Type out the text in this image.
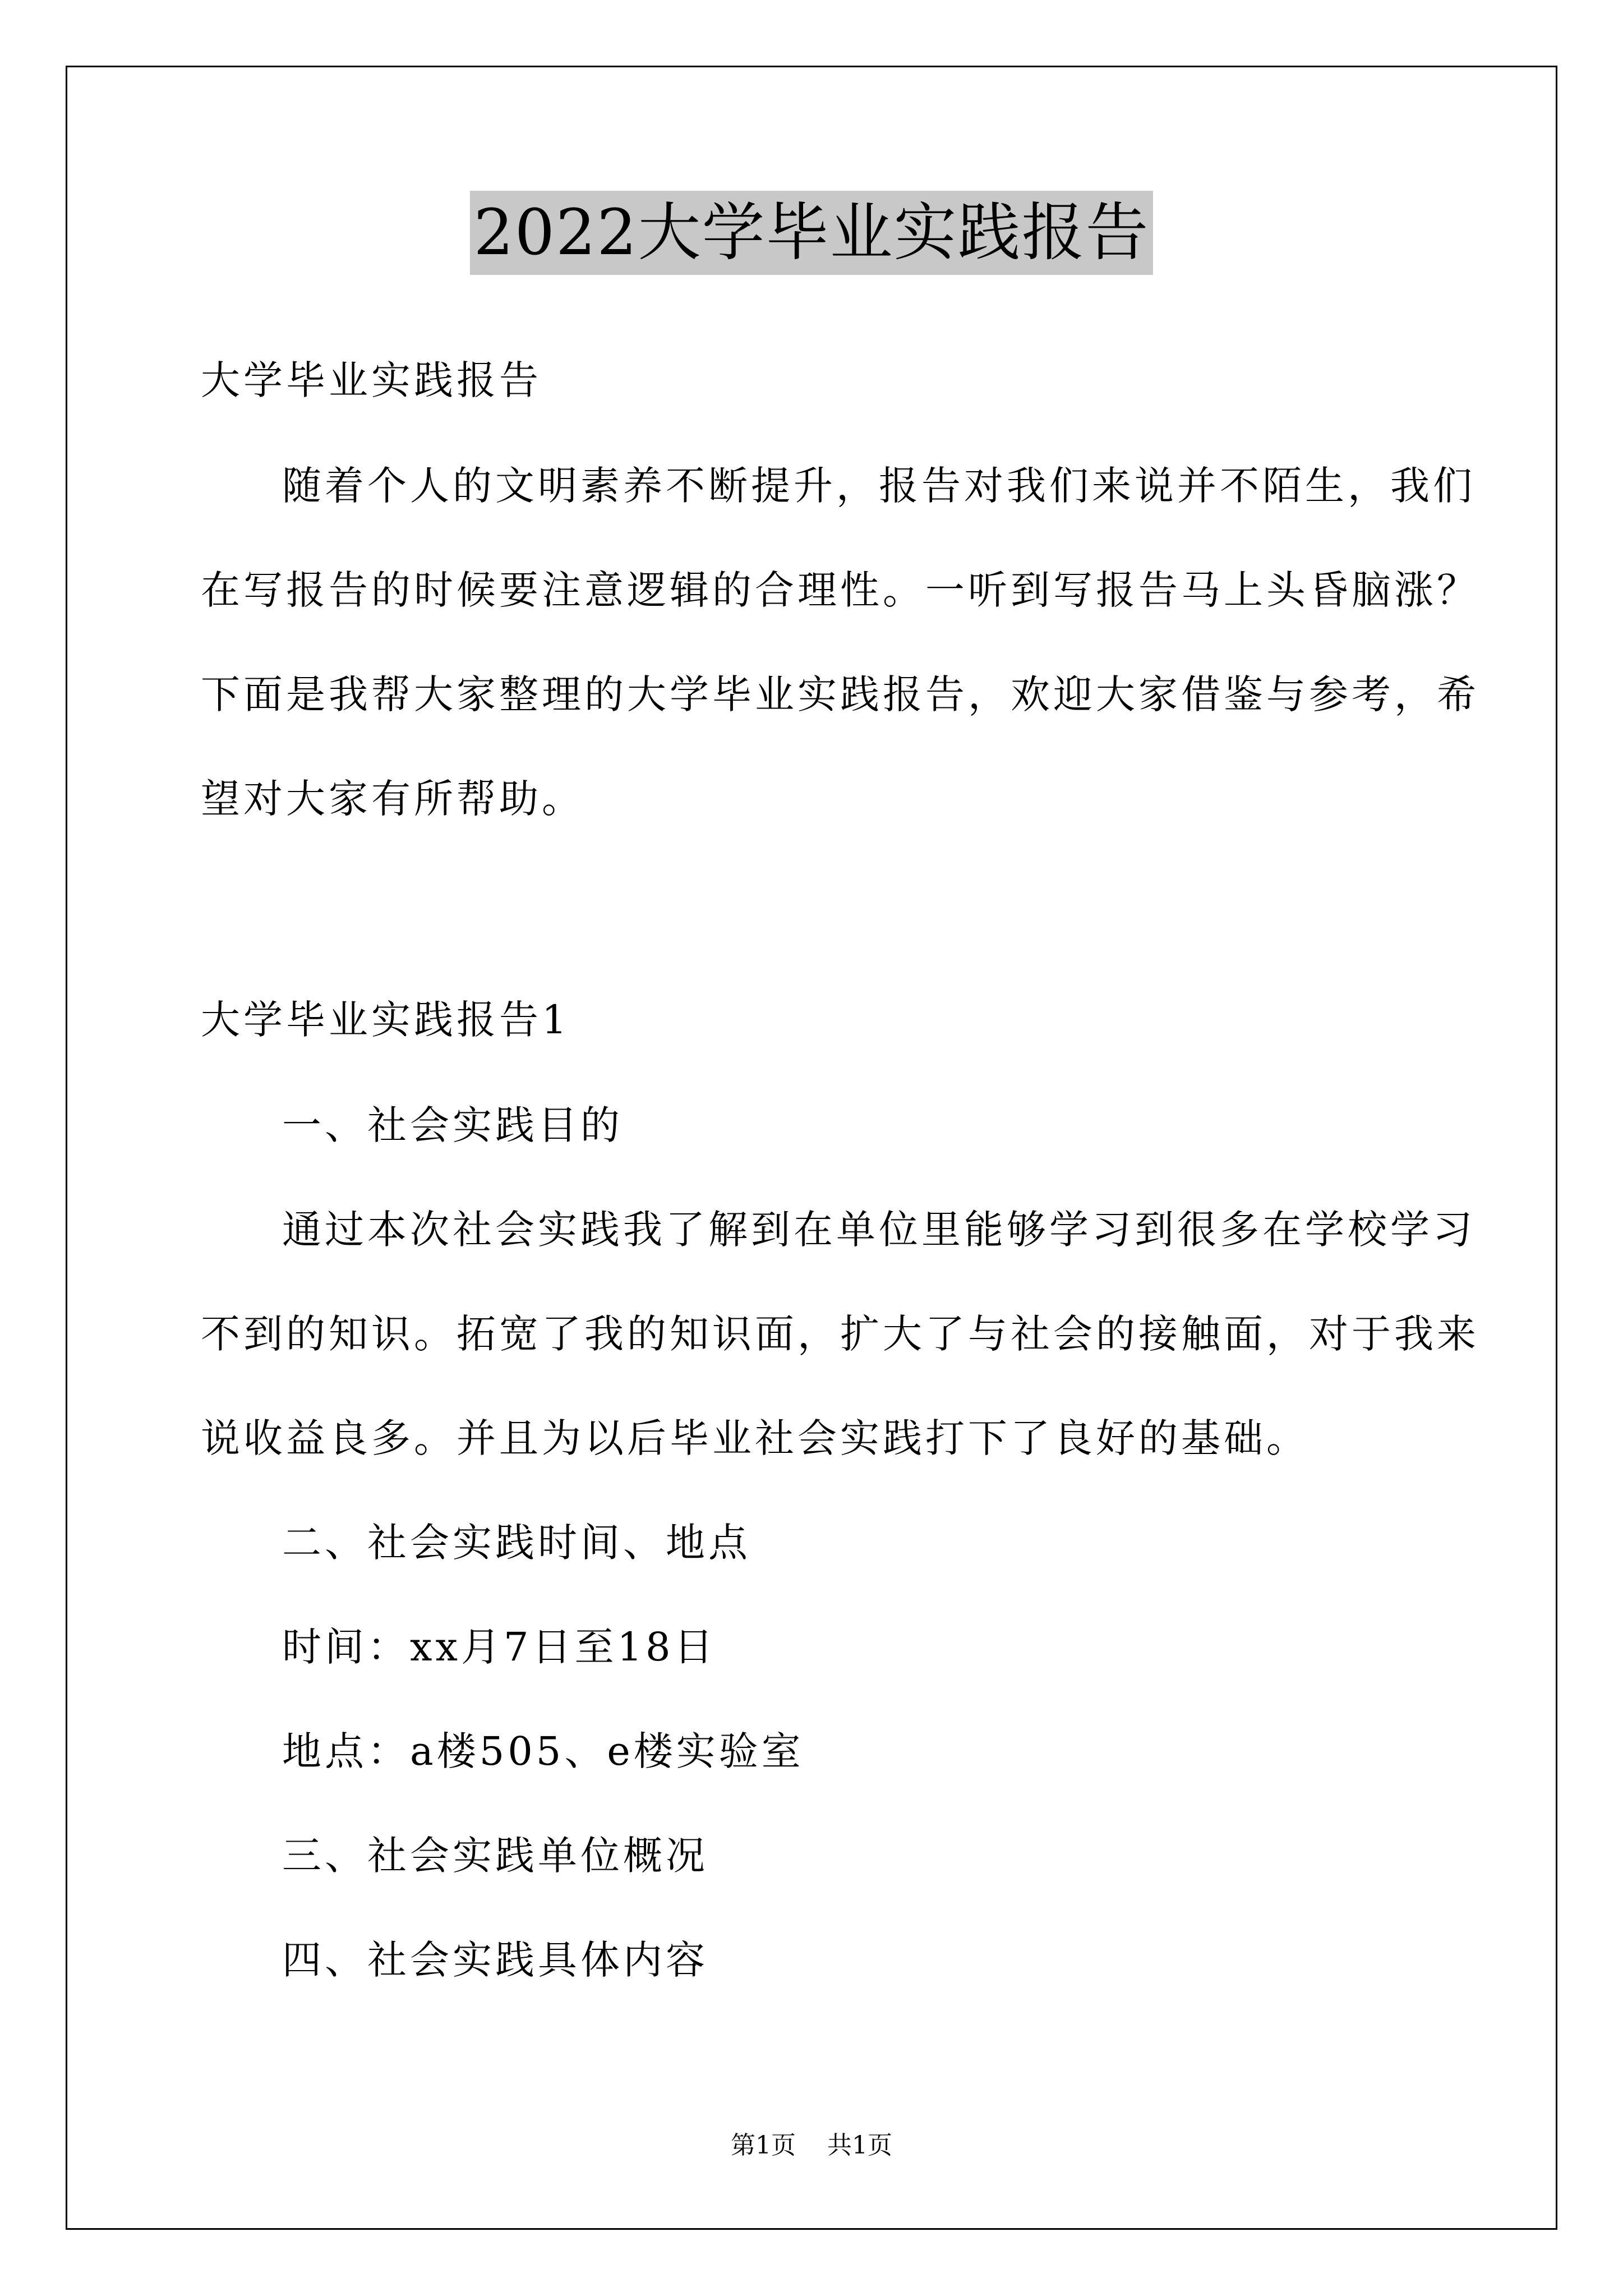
2022大学毕业实践报告
大学毕业实践报告
随着个人的文明素养不断提升，报告对我们来说并不陌生，我们
在写报告的时候要注意逻辑的合理性。一听到写报告马上头昏脑涨？
下面是我帮大家整理的大学毕业实践报告，欢迎大家借鉴与参考，希
望对大家有所帮助。
大学毕业实践报告1
一、社会实践目的
通过本次社会实践我了解到在单位里能够学习到很多在学校学习
不到的知识。拓宽了我的知识面，扩大了与社会的接触面，对于我来
说收益良多。并且为以后毕业社会实践打下了良好的基础。
二、社会实践时间、地点
时间：xx月7日至18日
地点：a楼505、e楼实验室
三、社会实践单位概况
四、社会实践具体内容
第1页 共1页
